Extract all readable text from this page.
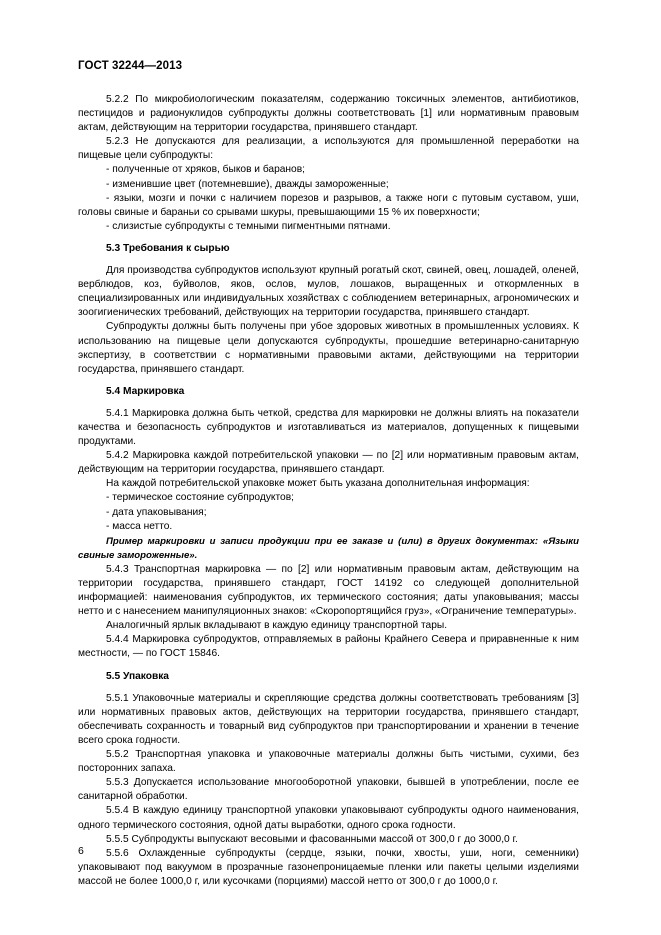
ГОСТ 32244—2013

5.2.2 По микробиологическим показателям, содержанию токсичных элементов, антибиотиков, пестицидов и радионуклидов субпродукты должны соответствовать [1] или нормативным правовым актам, действующим на территории государства, принявшего стандарт.

5.2.3 Не допускаются для реализации, а используются для промышленной переработки на пищевые цели субпродукты:

- полученные от хряков, быков и баранов;

- изменившие цвет (потемневшие), дважды замороженные;

- языки, мозги и почки с наличием порезов и разрывов, а также ноги с путовым суставом, уши, головы свиные и бараньи со срывами шкуры, превышающими 15 % их поверхности;

- слизистые субпродукты с темными пигментными пятнами.

5.3 Требования к сырью

Для производства субпродуктов используют крупный рогатый скот, свиней, овец, лошадей, оленей, верблюдов, коз, буйволов, яков, ослов, мулов, лошаков, выращенных и откормленных в специализированных или индивидуальных хозяйствах с соблюдением ветеринарных, агрономических и зоогигиенических требований, действующих на территории государства, принявшего стандарт.

Субпродукты должны быть получены при убое здоровых животных в промышленных условиях. К использованию на пищевые цели допускаются субпродукты, прошедшие ветеринарно-санитарную экспертизу, в соответствии с нормативными правовыми актами, действующими на территории государства, принявшего стандарт.

5.4 Маркировка

5.4.1 Маркировка должна быть четкой, средства для маркировки не должны влиять на показатели качества и безопасность субпродуктов и изготавливаться из материалов, допущенных к пищевыми продуктами.

5.4.2 Маркировка каждой потребительской упаковки — по [2] или нормативным правовым актам, действующим на территории государства, принявшего стандарт.

На каждой потребительской упаковке может быть указана дополнительная информация:

- термическое состояние субпродуктов;

- дата упаковывания;

- масса нетто.

Пример маркировки и записи продукции при ее заказе и (или) в других документах: «Языки свиные замороженные».

5.4.3 Транспортная маркировка — по [2] или нормативным правовым актам, действующим на территории государства, принявшего стандарт, ГОСТ 14192 со следующей дополнительной информацией: наименования субпродуктов, их термического состояния; даты упаковывания; массы нетто и с нанесением манипуляционных знаков: «Скоропортящийся груз», «Ограничение температуры».

Аналогичный ярлык вкладывают в каждую единицу транспортной тары.

5.4.4 Маркировка субпродуктов, отправляемых в районы Крайнего Севера и приравненные к ним местности, — по ГОСТ 15846.

5.5 Упаковка

5.5.1 Упаковочные материалы и скрепляющие средства должны соответствовать требованиям [3] или нормативных правовых актов, действующих на территории государства, принявшего стандарт, обеспечивать сохранность и товарный вид субпродуктов при транспортировании и хранении в течение всего срока годности.

5.5.2 Транспортная упаковка и упаковочные материалы должны быть чистыми, сухими, без посторонних запаха.

5.5.3 Допускается использование многооборотной упаковки, бывшей в употреблении, после ее санитарной обработки.

5.5.4 В каждую единицу транспортной упаковки упаковывают субпродукты одного наименования, одного термического состояния, одной даты выработки, одного срока годности.

5.5.5 Субпродукты выпускают весовыми и фасованными массой от 300,0 г до 3000,0 г.

5.5.6 Охлажденные субпродукты (сердце, языки, почки, хвосты, уши, ноги, семенники) упаковывают под вакуумом в прозрачные газонепроницаемые пленки или пакеты целыми изделиями массой не более 1000,0 г, или кусочками (порциями) массой нетто от 300,0 г до 1000,0 г.

6
